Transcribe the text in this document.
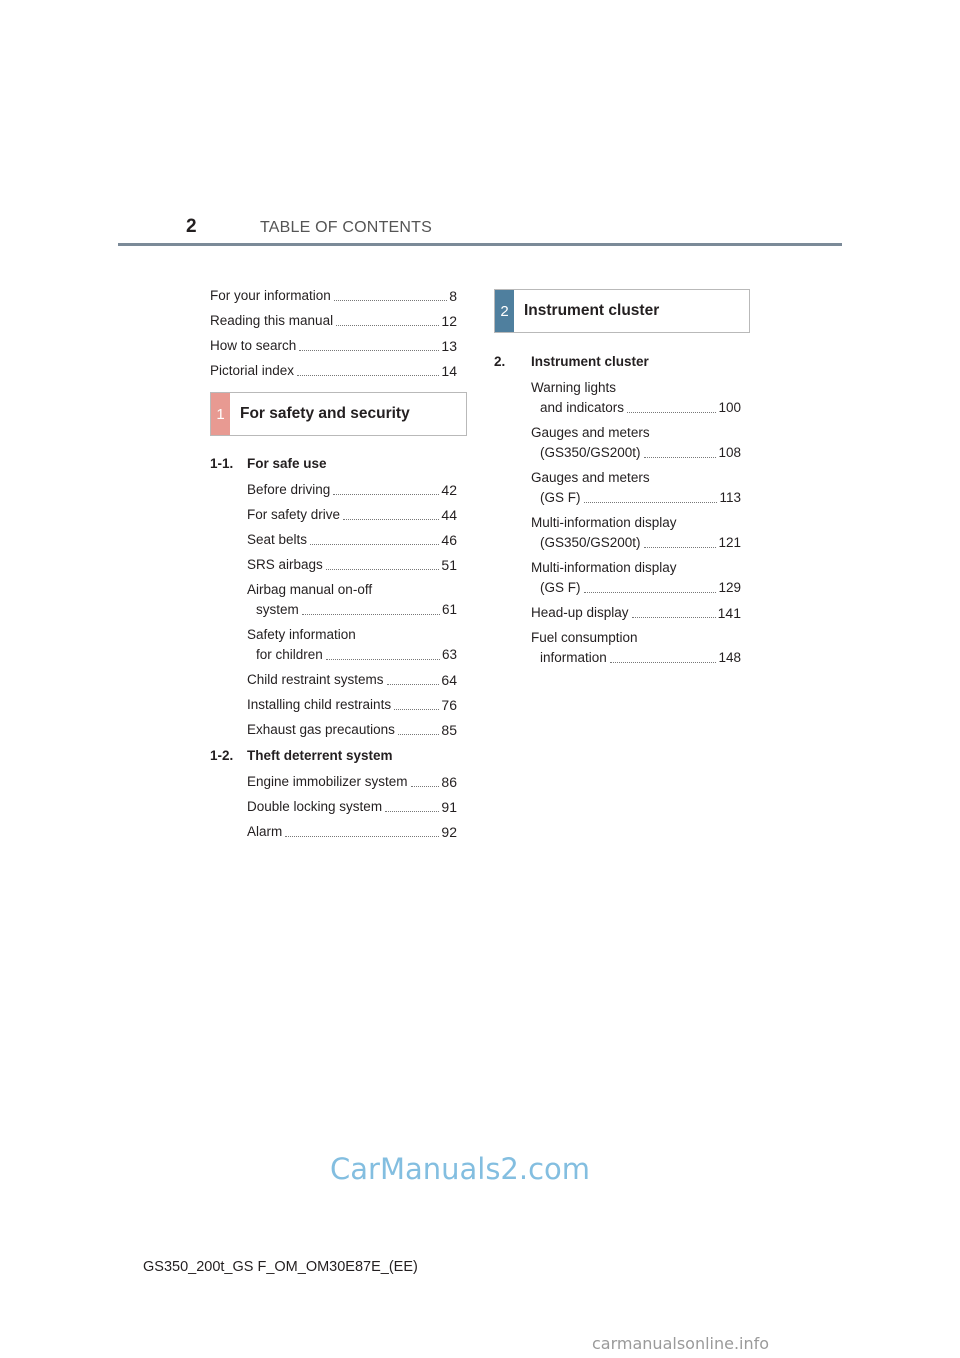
2	TABLE OF CONTENTS
For your information	8
Reading this manual	12
How to search	13
Pictorial index	14
1 For safety and security
1-1. For safe use
Before driving	42
For safety drive	44
Seat belts	46
SRS airbags	51
Airbag manual on-off
system	61
Safety information
for children	63
Child restraint systems	64
Installing child restraints	76
Exhaust gas precautions	85
1-2. Theft deterrent system
Engine immobilizer system 86
Double locking system	91
Alarm	92
2 Instrument cluster
2. Instrument cluster
Warning lights
and indicators	100
Gauges and meters
(GS350/GS200t)	108
Gauges and meters
(GS F)	113
Multi-information display
(GS350/GS200t)	121
Multi-information display
(GS F)	129
Head-up display	141
Fuel consumption
information	148
CarManuals2.com
GS350_200t_GS F_OM_OM30E87E_(EE)
carmanualsonline.info
